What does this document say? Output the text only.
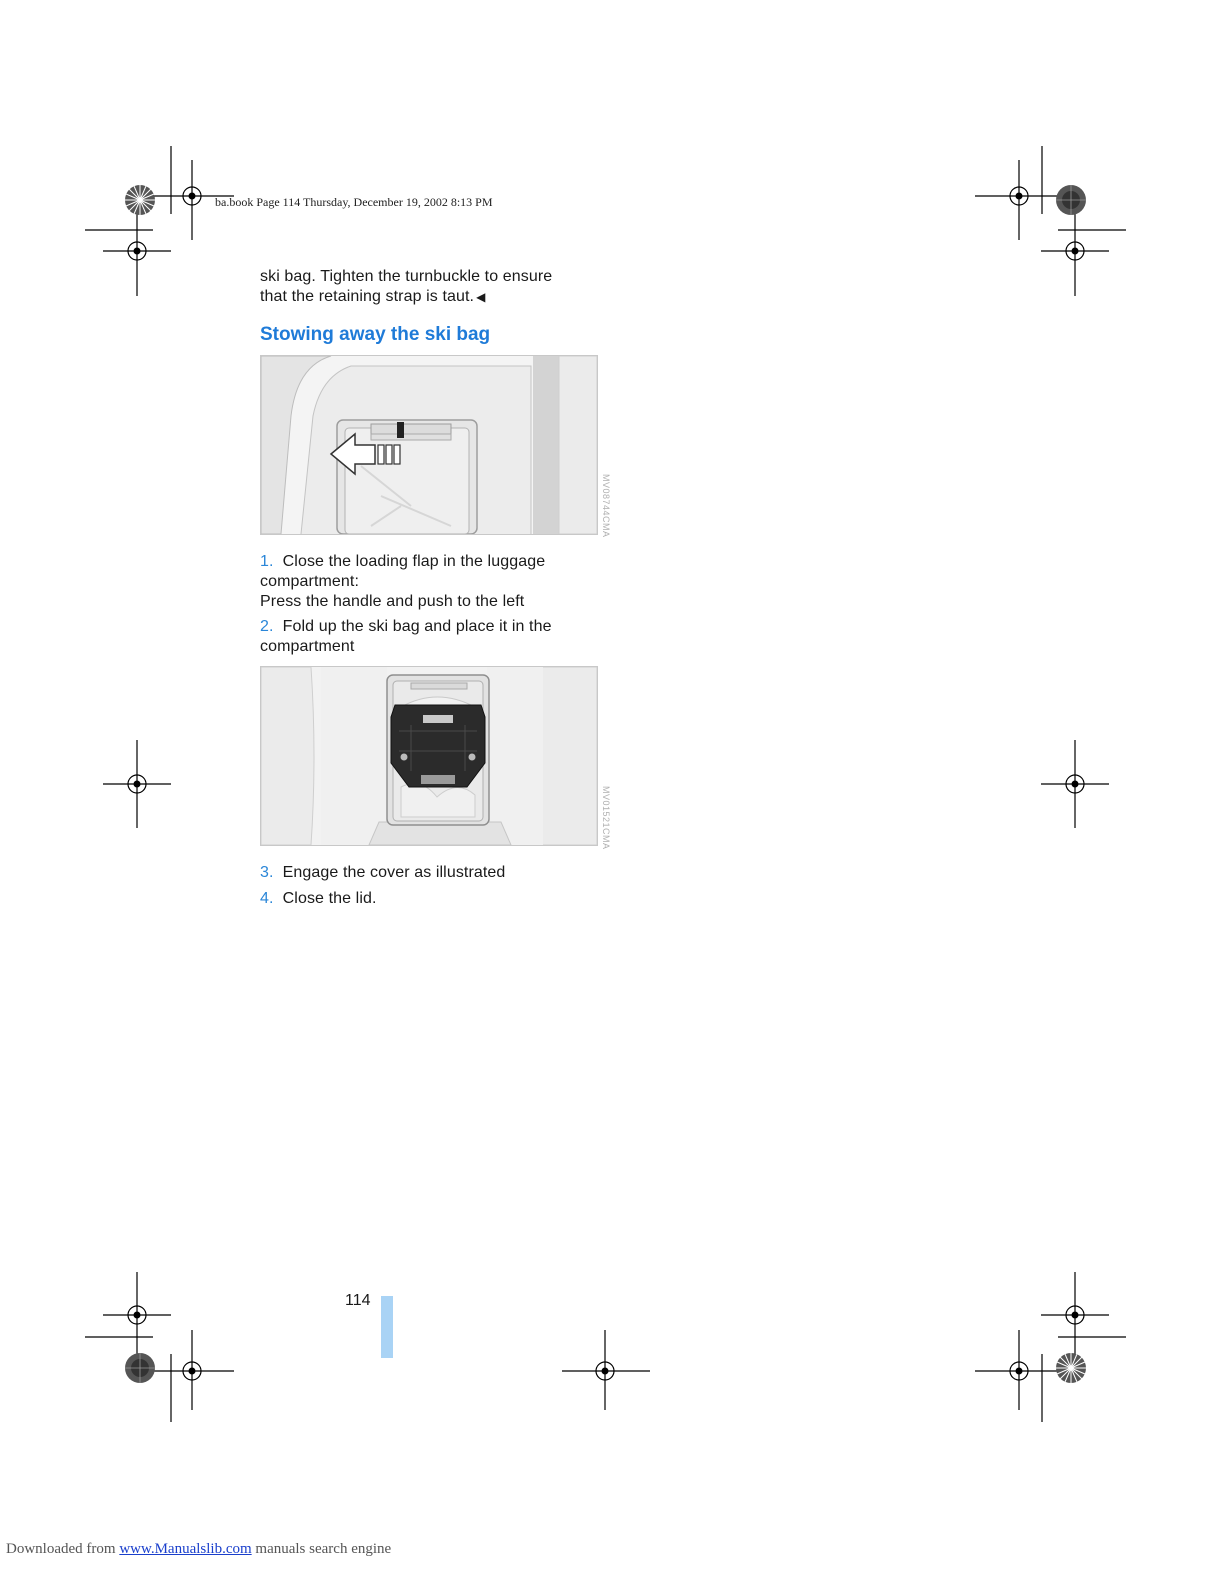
ba.book Page 114 Thursday, December 19, 2002 8:13 PM
ski bag. Tighten the turnbuckle to ensure
that the retaining strap is taut. ◀
Stowing away the ski bag
MV08744CMA
1. Close the loading flap in the luggage
compartment:
Press the handle and push to the left
2. Fold up the ski bag and place it in the
compartment
MV01521CMA
3. Engage the cover as illustrated
4. Close the lid.
114
Downloaded from www.Manualslib.com manuals search engine
